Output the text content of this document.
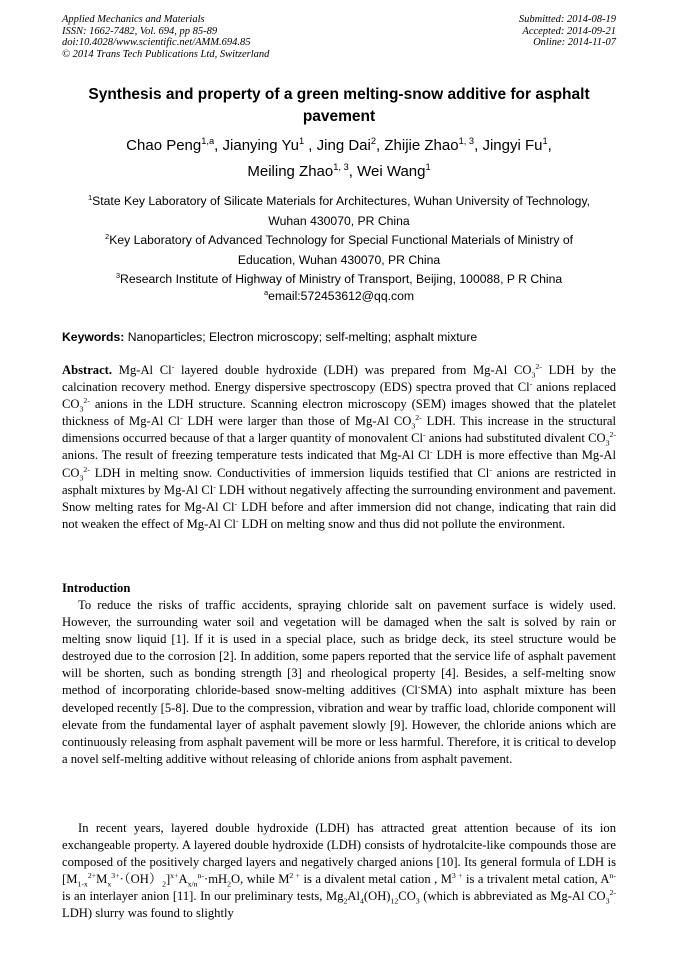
Applied Mechanics and Materials
ISSN: 1662-7482, Vol. 694, pp 85-89
doi:10.4028/www.scientific.net/AMM.694.85
© 2014 Trans Tech Publications Ltd, Switzerland
Submitted: 2014-08-19
Accepted: 2014-09-21
Online: 2014-11-07
Synthesis and property of a green melting-snow additive for asphalt
pavement
Chao Peng$^{1,a}$, Jianying Yu$^1$ , Jing Dai$^2$, Zhijie Zhao$^{1, 3}$, Jingyi Fu$^1$,
Meiling Zhao$^{1, 3}$, Wei Wang$^1$
$^1$State Key Laboratory of Silicate Materials for Architectures, Wuhan University of Technology,
Wuhan 430070, PR China
$^2$Key Laboratory of Advanced Technology for Special Functional Materials of Ministry of
Education, Wuhan 430070, PR China
$^3$Research Institute of Highway of Ministry of Transport, Beijing, 100088, P R China
$^a$email:572453612@qq.com
Keywords: Nanoparticles; Electron microscopy; self-melting; asphalt mixture
Abstract. Mg-Al Cl- layered double hydroxide (LDH) was prepared from Mg-Al $CO_3^{2-}$ LDH by the calcination recovery method. Energy dispersive spectroscopy (EDS) spectra proved that Cl- anions replaced $CO_3^{2-}$ anions in the LDH structure. Scanning electron microscopy (SEM) images showed that the platelet thickness of Mg-Al Cl- LDH were larger than those of Mg-Al $CO_3^{2-}$ LDH. This increase in the structural dimensions occurred because of that a larger quantity of monovalent Cl- anions had substituted divalent $CO_3^{2-}$ anions. The result of freezing temperature tests indicated that Mg-Al Cl- LDH is more effective than Mg-Al $CO_3^{2-}$ LDH in melting snow. Conductivities of immersion liquids testified that Cl- anions are restricted in asphalt mixtures by Mg-Al Cl- LDH without negatively affecting the surrounding environment and pavement. Snow melting rates for Mg-Al Cl- LDH before and after immersion did not change, indicating that rain did not weaken the effect of Mg-Al Cl- LDH on melting snow and thus did not pollute the environment.
Introduction
To reduce the risks of traffic accidents, spraying chloride salt on pavement surface is widely used. However, the surrounding water soil and vegetation will be damaged when the salt is solved by rain or melting snow liquid [1]. If it is used in a special place, such as bridge deck, its steel structure would be destroyed due to the corrosion [2]. In addition, some papers reported that the service life of asphalt pavement will be shorten, such as bonding strength [3] and rheological property [4]. Besides, a self-melting snow method of incorporating chloride-based snow-melting additives (Cl-SMA) into asphalt mixture has been developed recently [5-8]. Due to the compression, vibration and wear by traffic load, chloride component will elevate from the fundamental layer of asphalt pavement slowly [9]. However, the chloride anions which are continuously releasing from asphalt pavement will be more or less harmful. Therefore, it is critical to develop a novel self-melting additive without releasing of chloride anions from asphalt pavement.
In recent years, layered double hydroxide (LDH) has attracted great attention because of its ion exchangeable property. A layered double hydroxide (LDH) consists of hydrotalcite-like compounds those are composed of the positively charged layers and negatively charged anions [10]. Its general formula of LDH is $[M_{1-x}^{2+}M_x^{3+}\cdot(OH)_2]^{x+}A_{x/n}^{n-}\cdot mH_2O$, while $M^{2 +}$ is a divalent metal cation , $M^{3 +}$ is a trivalent metal cation, $A^{n-}$ is an interlayer anion [11]. In our preliminary tests, $Mg_2Al_4(OH)_{12}CO_3$ (which is abbreviated as Mg-Al $CO_3^{2-}$ LDH) slurry was found to slightly
